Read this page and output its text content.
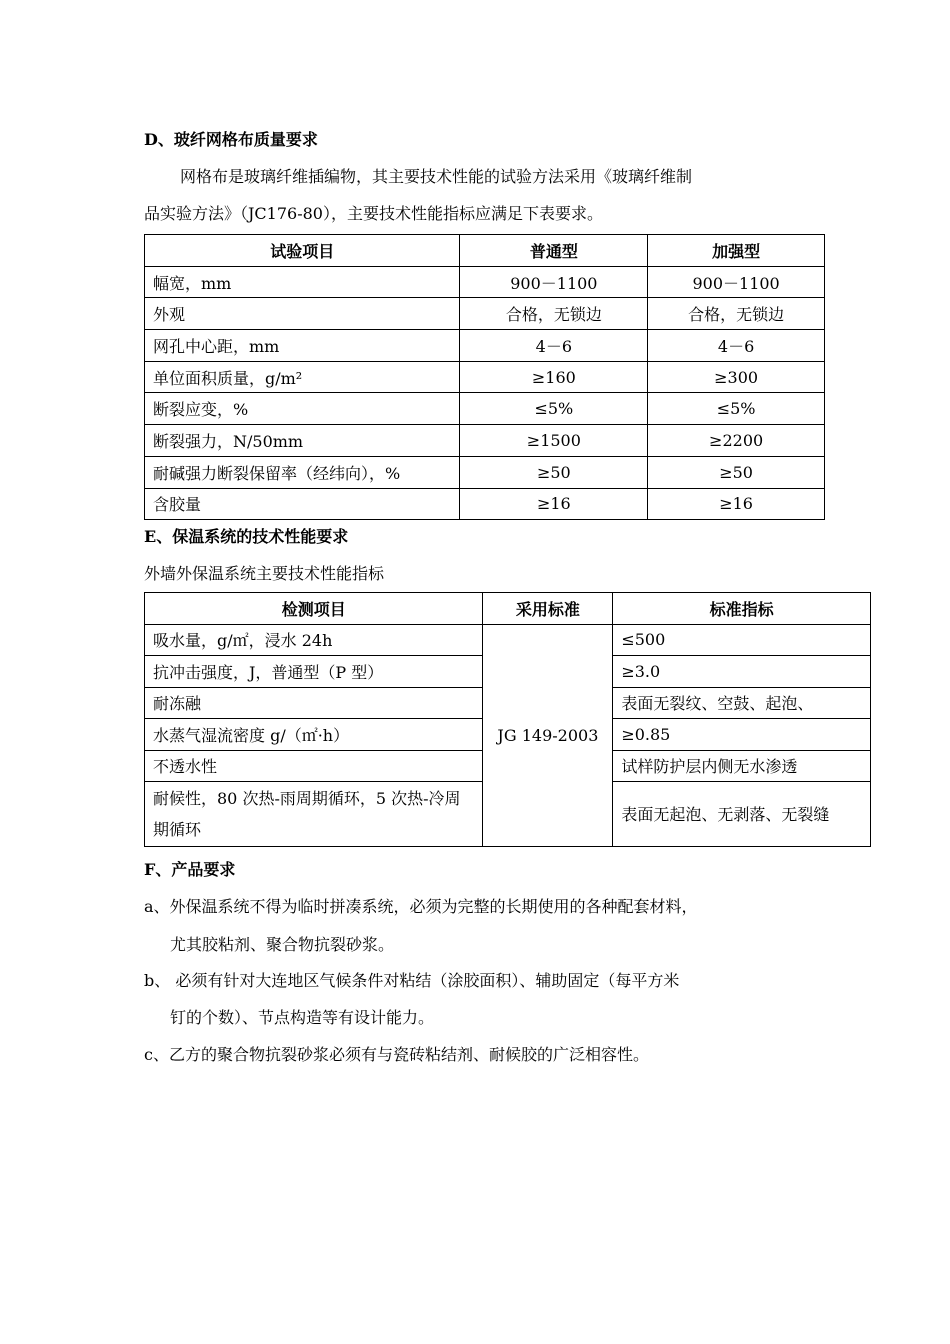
D、玻纤网格布质量要求
网格布是玻璃纤维插编物，其主要技术性能的试验方法采用《玻璃纤维制
品实验方法》（JC176-80），主要技术性能指标应满足下表要求。
试验项目	普通型	加强型
幅宽，mm	900－1100	900－1100
外观	合格，无锁边	合格，无锁边
网孔中心距，mm	4－6	4－6
单位面积质量，g/m²	≥160	≥300
断裂应变，%	≤5%	≤5%
断裂强力，N/50mm	≥1500	≥2200
耐碱强力断裂保留率（经纬向），%	≥50	≥50
含胶量	≥16	≥16
E、保温系统的技术性能要求
外墙外保温系统主要技术性能指标
检测项目	采用标准	标准指标
吸水量，g/㎡，浸水 24h	JG 149-2003	≤500
抗冲击强度，J，普通型（P 型）		≥3.0
耐冻融		表面无裂纹、空鼓、起泡、
水蒸气湿流密度 g/（㎡·h）		≥0.85
不透水性		试样防护层内侧无水渗透
耐候性，80 次热-雨周期循环，5 次热-冷周期循环		表面无起泡、无剥落、无裂缝
F、产品要求
a、外保温系统不得为临时拼凑系统，必须为完整的长期使用的各种配套材料，
尤其胶粘剂、聚合物抗裂砂浆。
b、 必须有针对大连地区气候条件对粘结（涂胶面积）、辅助固定（每平方米
钉的个数）、节点构造等有设计能力。
c、乙方的聚合物抗裂砂浆必须有与瓷砖粘结剂、耐候胶的广泛相容性。
